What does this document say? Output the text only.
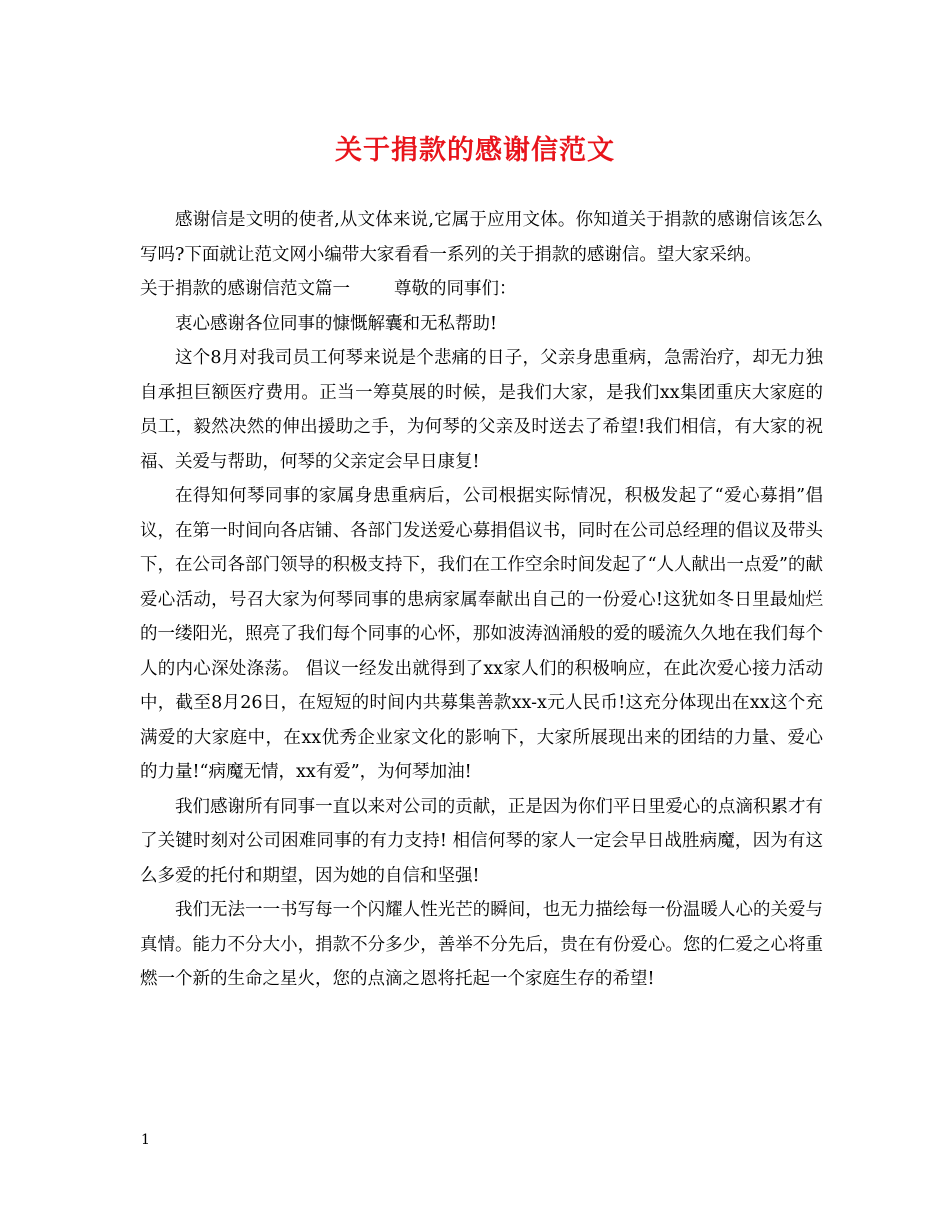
关于捐款的感谢信范文

感谢信是文明的使者,从文体来说,它属于应用文体。你知道关于捐款的感谢信该怎么写吗?下面就让范文网小编带大家看看一系列的关于捐款的感谢信。望大家采纳。

关于捐款的感谢信范文篇一	尊敬的同事们：

衷心感谢各位同事的慷慨解囊和无私帮助!

这个8月对我司员工何琴来说是个悲痛的日子，父亲身患重病，急需治疗，却无力独自承担巨额医疗费用。正当一筹莫展的时候，是我们大家，是我们xx集团重庆大家庭的员工，毅然决然的伸出援助之手，为何琴的父亲及时送去了希望!我们相信，有大家的祝福、关爱与帮助，何琴的父亲定会早日康复!

在得知何琴同事的家属身患重病后，公司根据实际情况，积极发起了“爱心募捐”倡议，在第一时间向各店铺、各部门发送爱心募捐倡议书，同时在公司总经理的倡议及带头下，在公司各部门领导的积极支持下，我们在工作空余时间发起了“人人献出一点爱”的献爱心活动，号召大家为何琴同事的患病家属奉献出自己的一份爱心!这犹如冬日里最灿烂的一缕阳光，照亮了我们每个同事的心怀，那如波涛汹涌般的爱的暖流久久地在我们每个人的内心深处涤荡。 倡议一经发出就得到了xx家人们的积极响应，在此次爱心接力活动中，截至8月26日，在短短的时间内共募集善款xx-x元人民币!这充分体现出在xx这个充满爱的大家庭中，在xx优秀企业家文化的影响下，大家所展现出来的团结的力量、爱心的力量!“病魔无情，xx有爱”，为何琴加油!

我们感谢所有同事一直以来对公司的贡献，正是因为你们平日里爱心的点滴积累才有了关键时刻对公司困难同事的有力支持! 相信何琴的家人一定会早日战胜病魔，因为有这么多爱的托付和期望，因为她的自信和坚强!

我们无法一一书写每一个闪耀人性光芒的瞬间，也无力描绘每一份温暖人心的关爱与真情。能力不分大小，捐款不分多少，善举不分先后，贵在有份爱心。您的仁爱之心将重燃一个新的生命之星火，您的点滴之恩将托起一个家庭生存的希望!

1
